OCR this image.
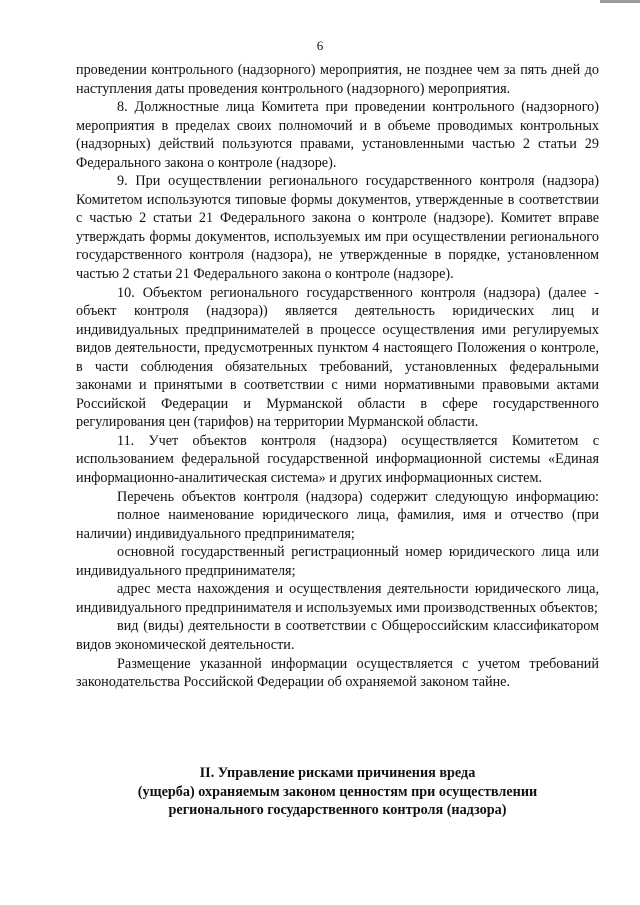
6

проведении контрольного (надзорного) мероприятия, не позднее чем за пять дней до наступления даты проведения контрольного (надзорного) мероприятия.

8. Должностные лица Комитета при проведении контрольного (надзорного) мероприятия в пределах своих полномочий и в объеме проводимых контрольных (надзорных) действий пользуются правами, установленными частью 2 статьи 29 Федерального закона о контроле (надзоре).

9. При осуществлении регионального государственного контроля (надзора) Комитетом используются типовые формы документов, утвержденные в соответствии с частью 2 статьи 21 Федерального закона о контроле (надзоре). Комитет вправе утверждать формы документов, используемых им при осуществлении регионального государственного контроля (надзора), не утвержденные в порядке, установленном частью 2 статьи 21 Федерального закона о контроле (надзоре).

10. Объектом регионального государственного контроля (надзора) (далее - объект контроля (надзора)) является деятельность юридических лиц и индивидуальных предпринимателей в процессе осуществления ими регулируемых видов деятельности, предусмотренных пунктом 4 настоящего Положения о контроле, в части соблюдения обязательных требований, установленных федеральными законами и принятыми в соответствии с ними нормативными правовыми актами Российской Федерации и Мурманской области в сфере государственного регулирования цен (тарифов) на территории Мурманской области.

11. Учет объектов контроля (надзора) осуществляется Комитетом с использованием федеральной государственной информационной системы «Единая информационно-аналитическая система» и других информационных систем.

Перечень объектов контроля (надзора) содержит следующую информацию:

полное наименование юридического лица, фамилия, имя и отчество (при наличии) индивидуального предпринимателя;

основной государственный регистрационный номер юридического лица или индивидуального предпринимателя;

адрес места нахождения и осуществления деятельности юридического лица, индивидуального предпринимателя и используемых ими производственных объектов;

вид (виды) деятельности в соответствии с Общероссийским классификатором видов экономической деятельности.

Размещение указанной информации осуществляется с учетом требований законодательства Российской Федерации об охраняемой законом тайне.

II. Управление рисками причинения вреда
(ущерба) охраняемым законом ценностям при осуществлении
регионального государственного контроля (надзора)
